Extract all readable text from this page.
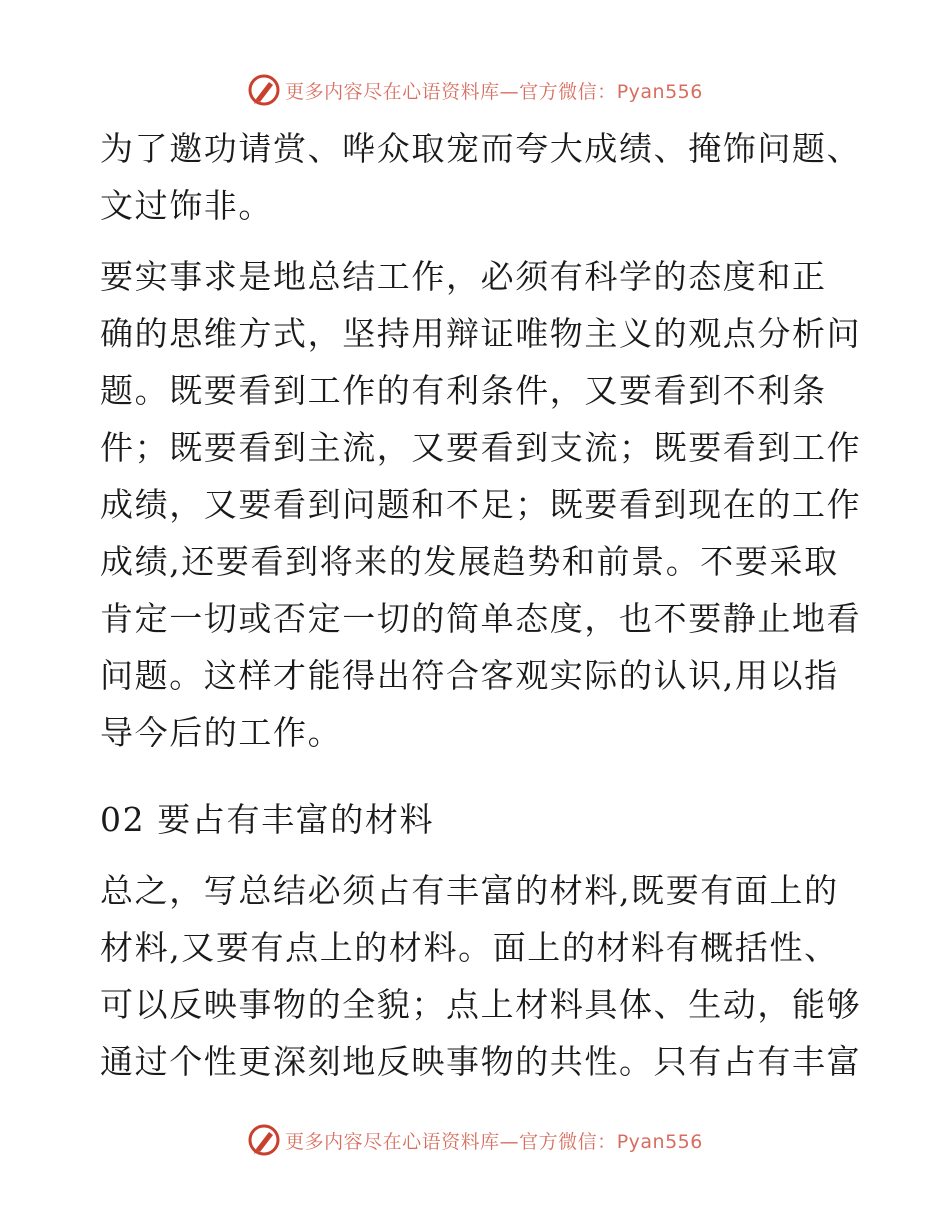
更多内容尽在心语资料库—官方微信：Pyan556
为了邀功请赏、哗众取宠而夸大成绩、掩饰问题、
文过饰非。
要实事求是地总结工作，必须有科学的态度和正
确的思维方式，坚持用辩证唯物主义的观点分析问
题。既要看到工作的有利条件，又要看到不利条
件；既要看到主流，又要看到支流；既要看到工作
成绩，又要看到问题和不足；既要看到现在的工作
成绩,还要看到将来的发展趋势和前景。不要采取
肯定一切或否定一切的简单态度，也不要静止地看
问题。这样才能得出符合客观实际的认识,用以指
导今后的工作。
02 要占有丰富的材料
总之，写总结必须占有丰富的材料,既要有面上的
材料,又要有点上的材料。面上的材料有概括性、
可以反映事物的全貌；点上材料具体、生动，能够
通过个性更深刻地反映事物的共性。只有占有丰富
更多内容尽在心语资料库—官方微信：Pyan556
